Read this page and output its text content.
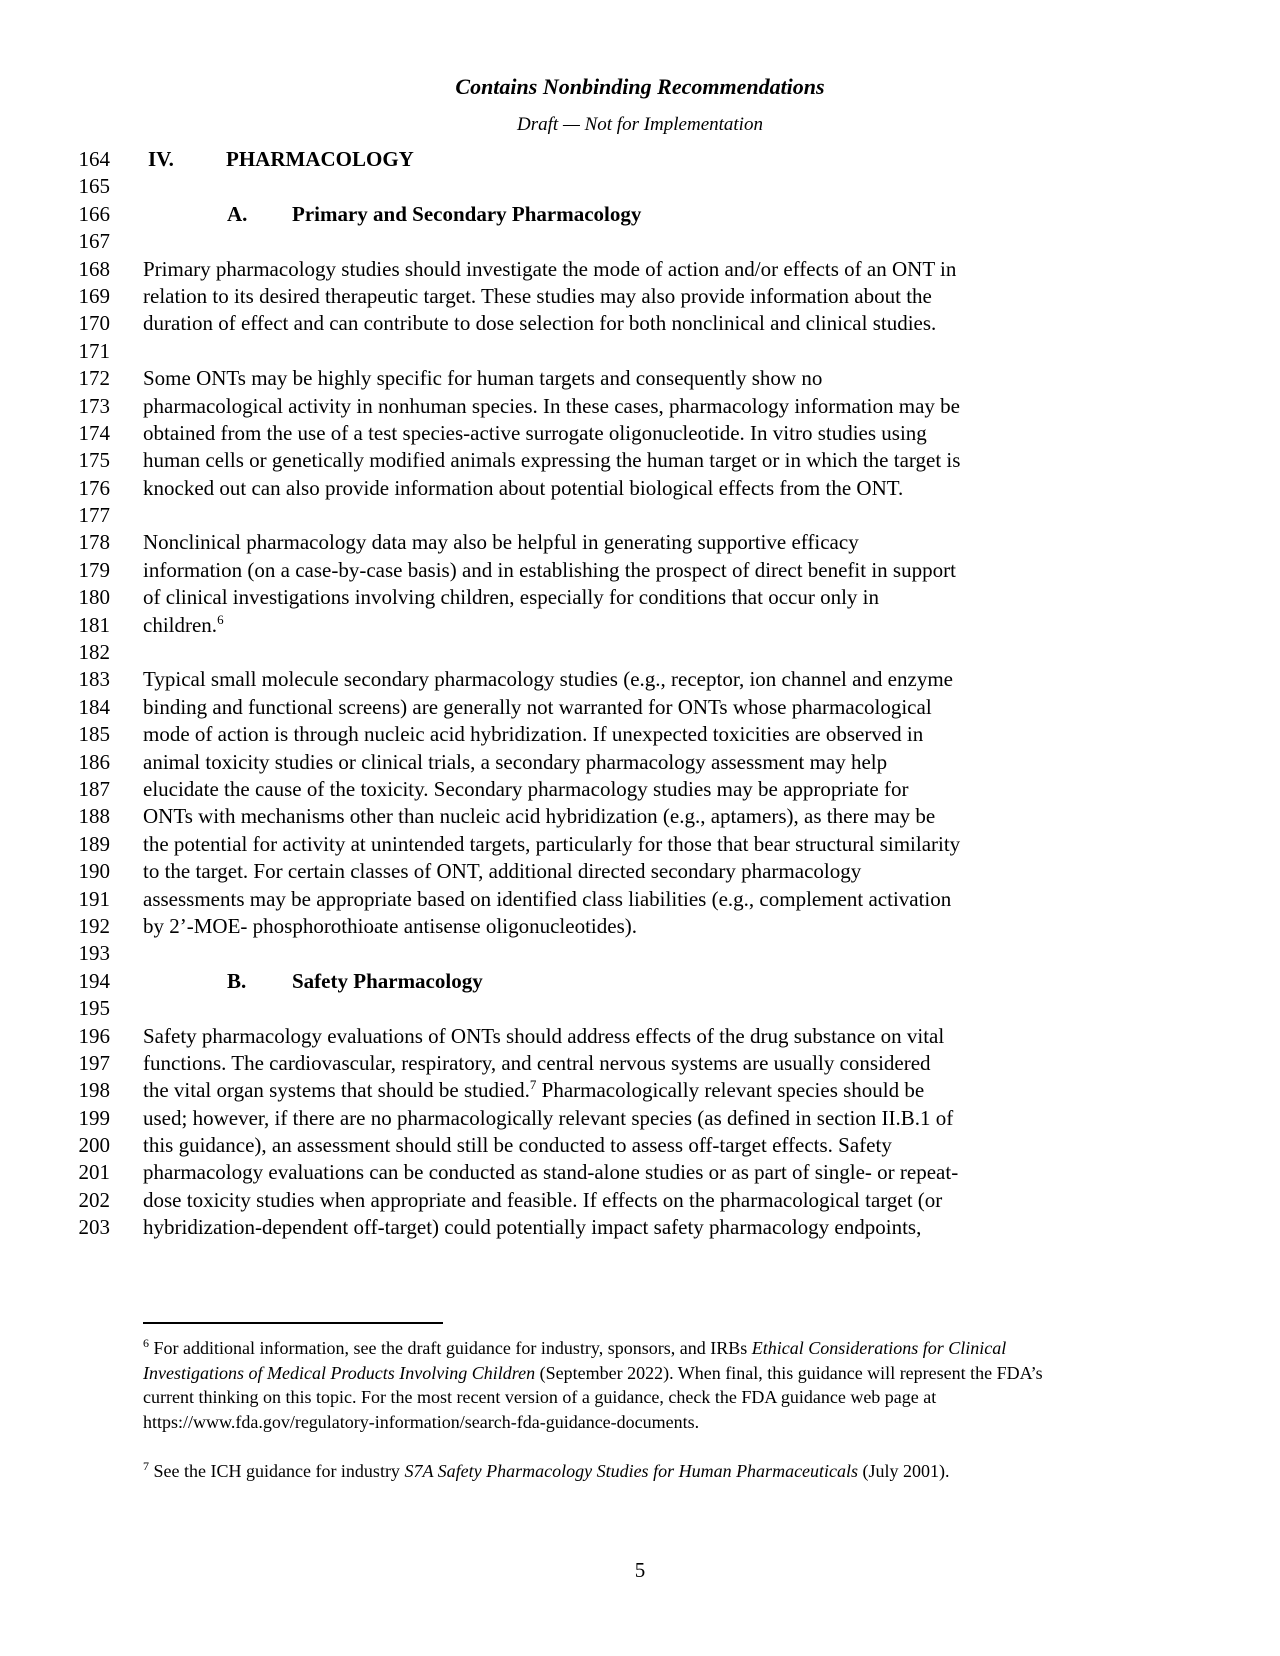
Contains Nonbinding Recommendations
Draft — Not for Implementation
164	IV. PHARMACOLOGY
165
166	A. Primary and Secondary Pharmacology
167
168	Primary pharmacology studies should investigate the mode of action and/or effects of an ONT in
169	relation to its desired therapeutic target. These studies may also provide information about the
170	duration of effect and can contribute to dose selection for both nonclinical and clinical studies.
171
172	Some ONTs may be highly specific for human targets and consequently show no
173	pharmacological activity in nonhuman species. In these cases, pharmacology information may be
174	obtained from the use of a test species-active surrogate oligonucleotide. In vitro studies using
175	human cells or genetically modified animals expressing the human target or in which the target is
176	knocked out can also provide information about potential biological effects from the ONT.
177
178	Nonclinical pharmacology data may also be helpful in generating supportive efficacy
179	information (on a case-by-case basis) and in establishing the prospect of direct benefit in support
180	of clinical investigations involving children, especially for conditions that occur only in
181	children.$^6$
182
183	Typical small molecule secondary pharmacology studies (e.g., receptor, ion channel and enzyme
184	binding and functional screens) are generally not warranted for ONTs whose pharmacological
185	mode of action is through nucleic acid hybridization. If unexpected toxicities are observed in
186	animal toxicity studies or clinical trials, a secondary pharmacology assessment may help
187	elucidate the cause of the toxicity. Secondary pharmacology studies may be appropriate for
188	ONTs with mechanisms other than nucleic acid hybridization (e.g., aptamers), as there may be
189	the potential for activity at unintended targets, particularly for those that bear structural similarity
190	to the target. For certain classes of ONT, additional directed secondary pharmacology
191	assessments may be appropriate based on identified class liabilities (e.g., complement activation
192	by 2’-MOE- phosphorothioate antisense oligonucleotides).
193
194	B. Safety Pharmacology
195
196	Safety pharmacology evaluations of ONTs should address effects of the drug substance on vital
197	functions. The cardiovascular, respiratory, and central nervous systems are usually considered
198	the vital organ systems that should be studied.$^7$ Pharmacologically relevant species should be
199	used; however, if there are no pharmacologically relevant species (as defined in section II.B.1 of
200	this guidance), an assessment should still be conducted to assess off-target effects. Safety
201	pharmacology evaluations can be conducted as stand-alone studies or as part of single- or repeat-
202	dose toxicity studies when appropriate and feasible. If effects on the pharmacological target (or
203	hybridization-dependent off-target) could potentially impact safety pharmacology endpoints,

$^6$ For additional information, see the draft guidance for industry, sponsors, and IRBs Ethical Considerations for Clinical Investigations of Medical Products Involving Children (September 2022). When final, this guidance will represent the FDA’s current thinking on this topic. For the most recent version of a guidance, check the FDA guidance web page at https://www.fda.gov/regulatory-information/search-fda-guidance-documents.

$^7$ See the ICH guidance for industry S7A Safety Pharmacology Studies for Human Pharmaceuticals (July 2001).

5
